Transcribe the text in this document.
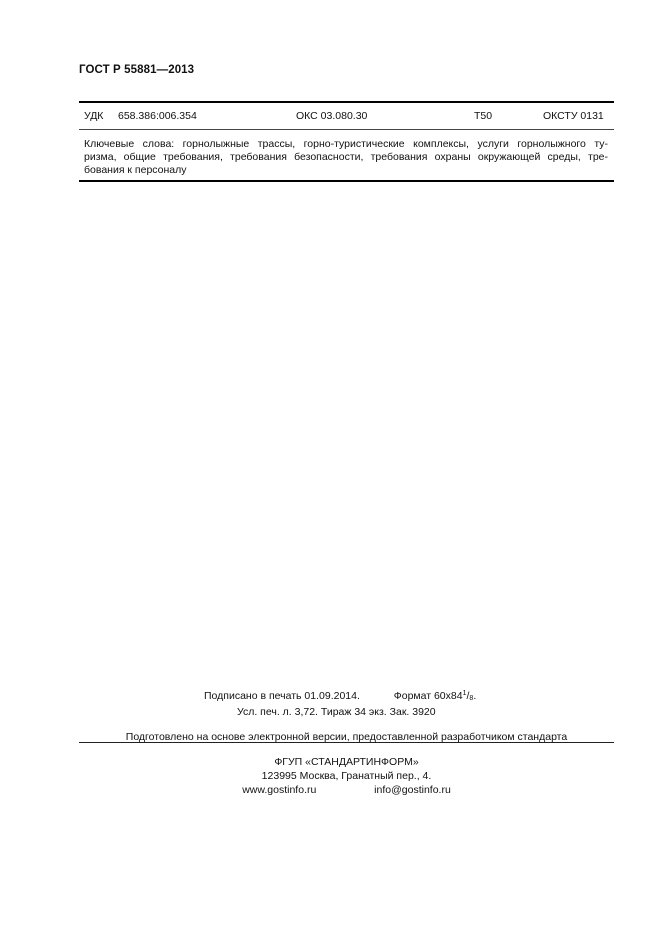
ГОСТ Р 55881—2013
УДК 658.386:006.354	ОКС 03.080.30	Т50	ОКСТУ 0131
Ключевые слова: горнолыжные трассы, горно-туристические комплексы, услуги горнолыжного ту-
ризма, общие требования, требования безопасности, требования охраны окружающей среды, тре-
бования к персоналу
Подписано в печать 01.09.2014.	Формат $60x84^1/_8$.
Усл. печ. л. 3,72. Тираж 34 экз. Зак. 3920
Подготовлено на основе электронной версии, предоставленной разработчиком стандарта
ФГУП «СТАНДАРТИНФОРМ»
123995 Москва, Гранатный пер., 4.
www.gostinfo.ru	info@gostinfo.ru
